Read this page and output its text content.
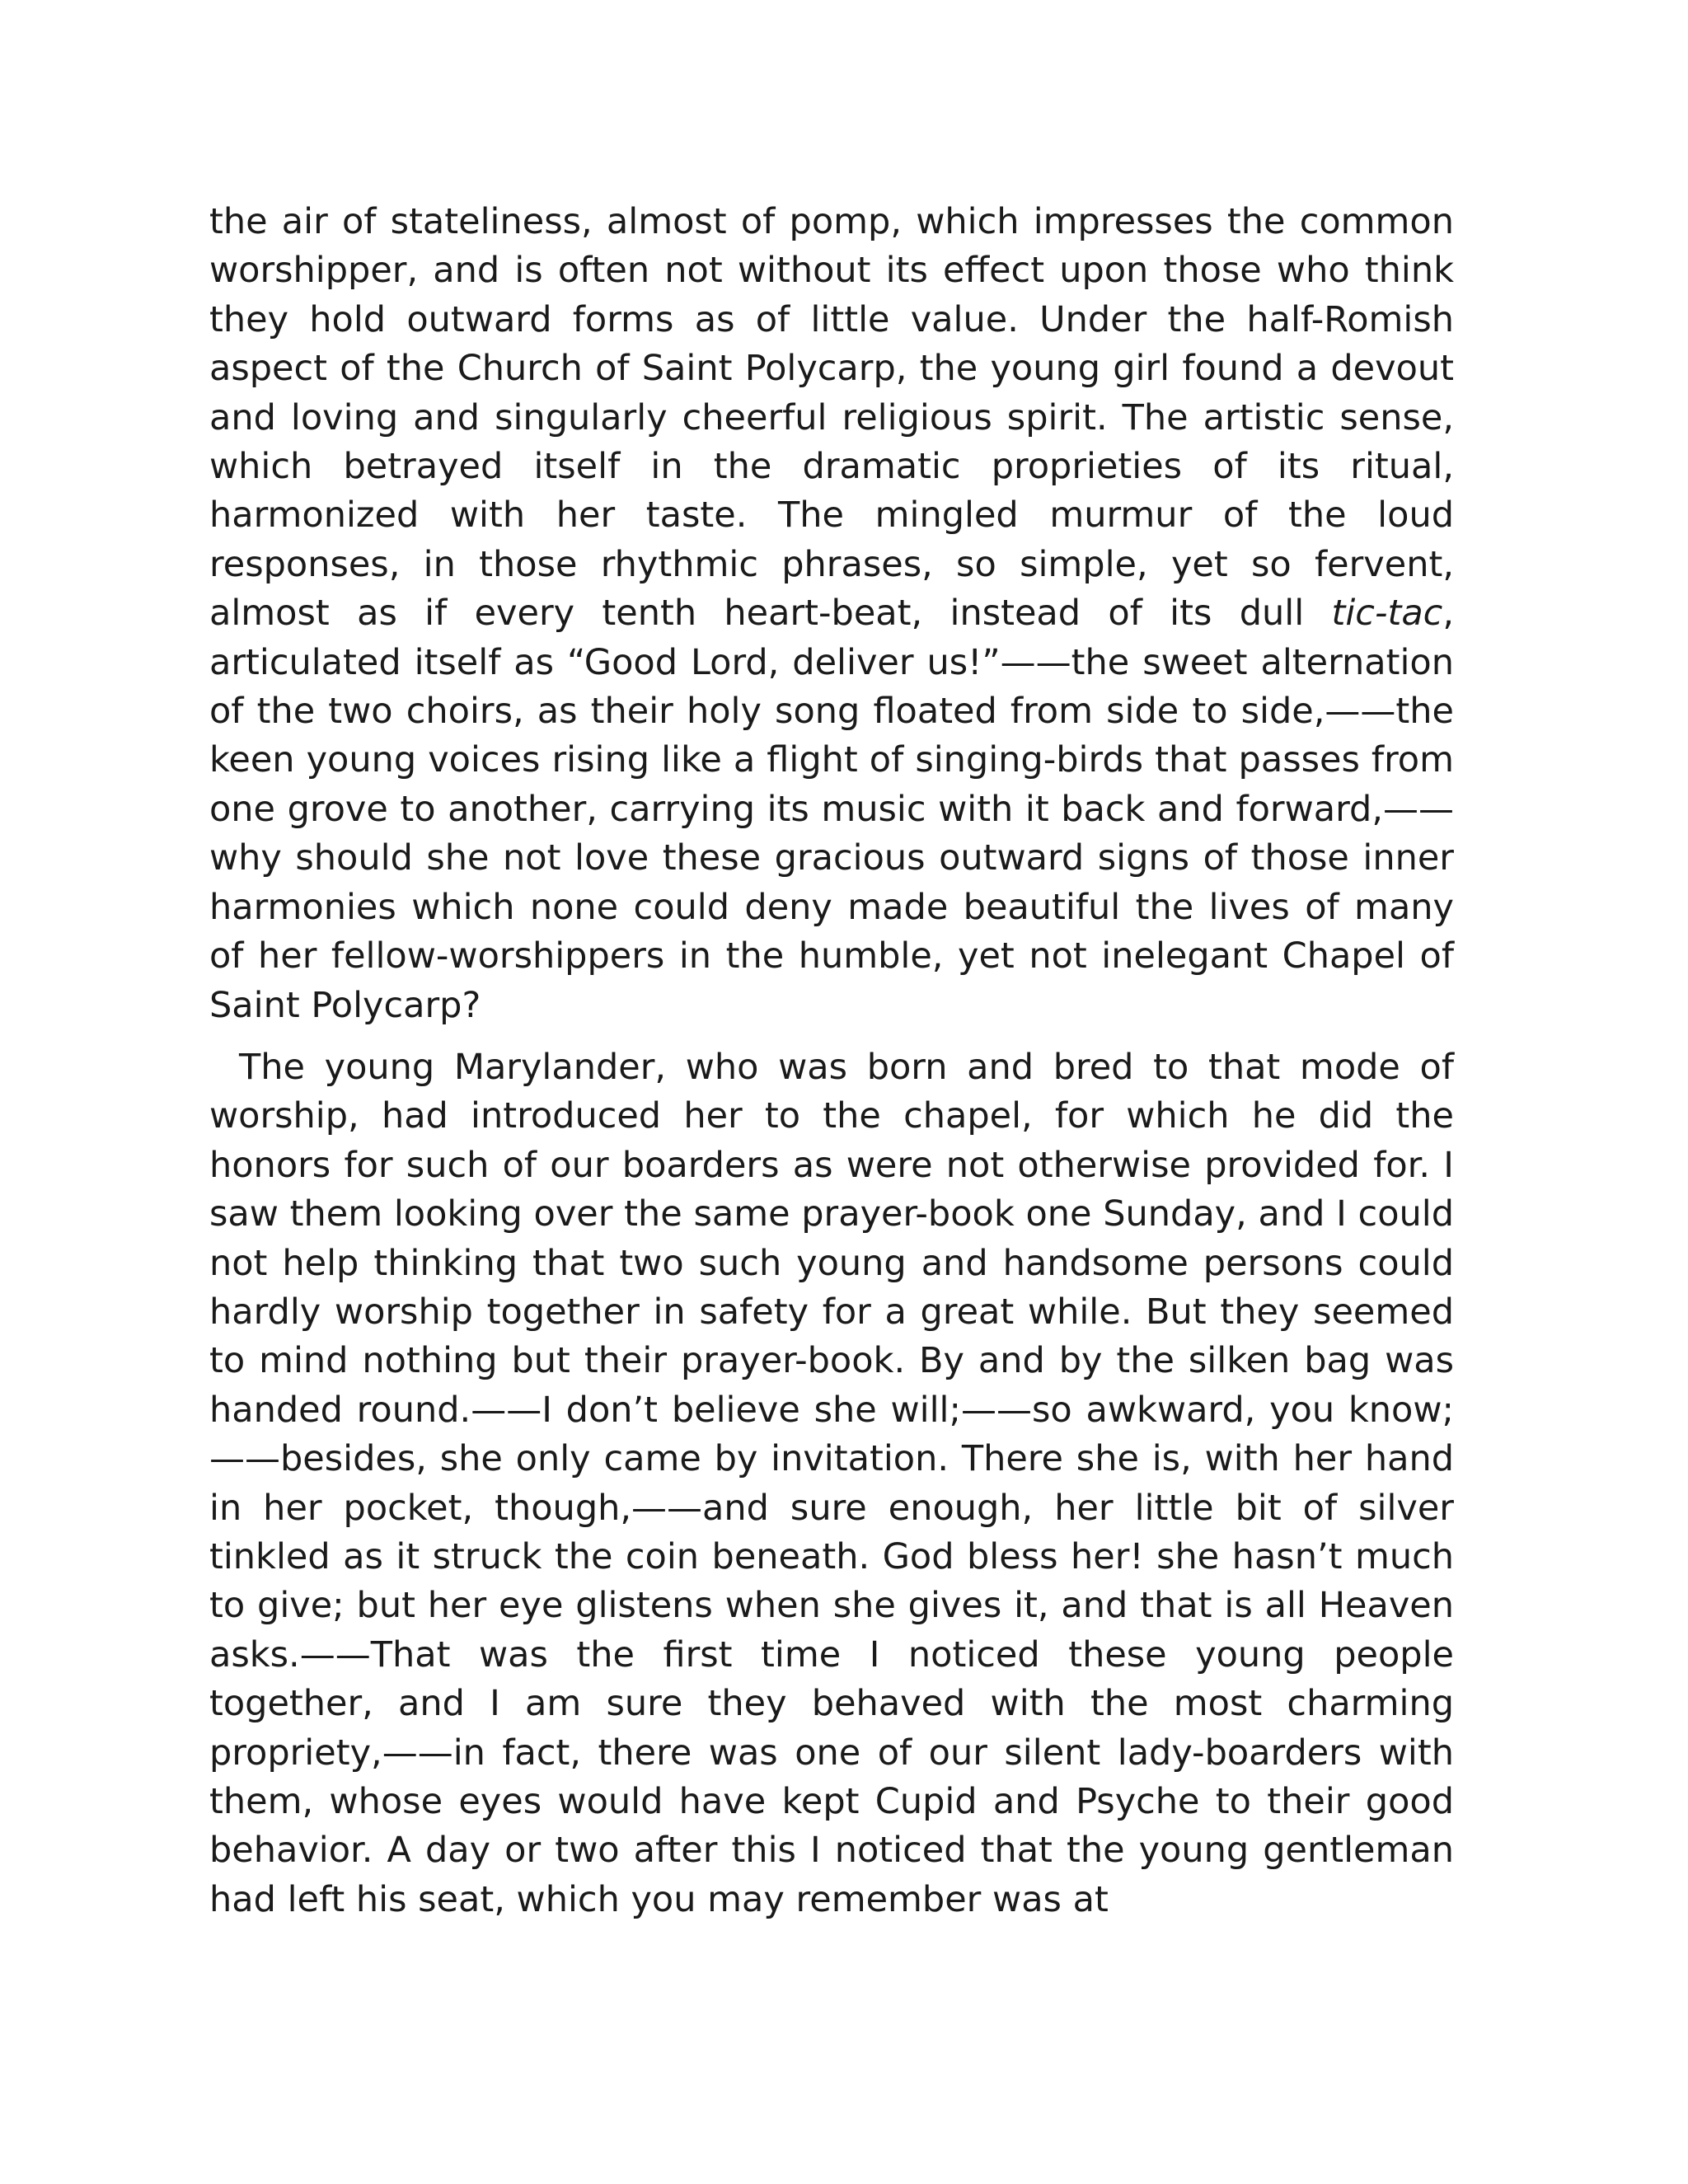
the air of stateliness, almost of pomp, which impresses the common worshipper, and is often not without its effect upon those who think they hold outward forms as of little value. Under the half-Romish aspect of the Church of Saint Polycarp, the young girl found a devout and loving and singularly cheerful religious spirit. The artistic sense, which betrayed itself in the dramatic proprieties of its ritual, harmonized with her taste. The mingled murmur of the loud responses, in those rhythmic phrases, so simple, yet so fervent, almost as if every tenth heart-beat, instead of its dull tic-tac, articulated itself as “Good Lord, deliver us!”——the sweet alternation of the two choirs, as their holy song floated from side to side,——the keen young voices rising like a flight of singing-birds that passes from one grove to another, carrying its music with it back and forward,——why should she not love these gracious outward signs of those inner harmonies which none could deny made beautiful the lives of many of her fellow-worshippers in the humble, yet not inelegant Chapel of Saint Polycarp?

The young Marylander, who was born and bred to that mode of worship, had introduced her to the chapel, for which he did the honors for such of our boarders as were not otherwise provided for. I saw them looking over the same prayer-book one Sunday, and I could not help thinking that two such young and handsome persons could hardly worship together in safety for a great while. But they seemed to mind nothing but their prayer-book. By and by the silken bag was handed round.——I don’t believe she will;——so awkward, you know;——besides, she only came by invitation. There she is, with her hand in her pocket, though,——and sure enough, her little bit of silver tinkled as it struck the coin beneath. God bless her! she hasn’t much to give; but her eye glistens when she gives it, and that is all Heaven asks.——That was the first time I noticed these young people together, and I am sure they behaved with the most charming propriety,——in fact, there was one of our silent lady-boarders with them, whose eyes would have kept Cupid and Psyche to their good behavior. A day or two after this I noticed that the young gentleman had left his seat, which you may remember was at
